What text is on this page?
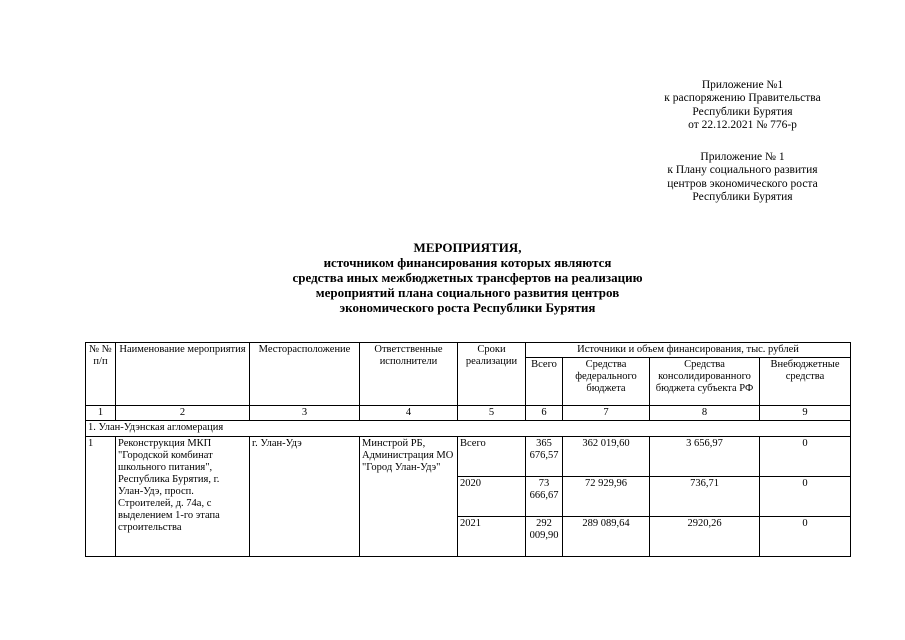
Приложение №1
к распоряжению Правительства
Республики Бурятия
от 22.12.2021 № 776-р
Приложение № 1
к Плану социального развития
центров экономического роста
Республики Бурятия
МЕРОПРИЯТИЯ,
источником финансирования которых являются
средства иных межбюджетных трансфертов на реализацию
мероприятий плана социального развития центров
экономического роста Республики Бурятия
№ № п/п	Наименование мероприятия	Месторасположение	Ответственные исполнители	Сроки реализации	Источники и объем финансирования, тыс. рублей			
					Всего	Средства федерального бюджета	Средства консолидированного бюджета субъекта РФ	Внебюджетные средства
1	2	3	4	5	6	7	8	9
1. Улан-Удэнская агломерация								
1	Реконструкция МКП "Городской комбинат школьного питания", Республика Бурятия, г. Улан-Удэ, просп. Строителей, д. 74а, с выделением 1-го этапа строительства	г. Улан-Удэ	Минстрой РБ, Администрация МО "Город Улан-Удэ"	Всего	365 676,57	362 019,60	3 656,97	0
				2020	73 666,67	72 929,96	736,71	0
				2021	292 009,90	289 089,64	2920,26	0
